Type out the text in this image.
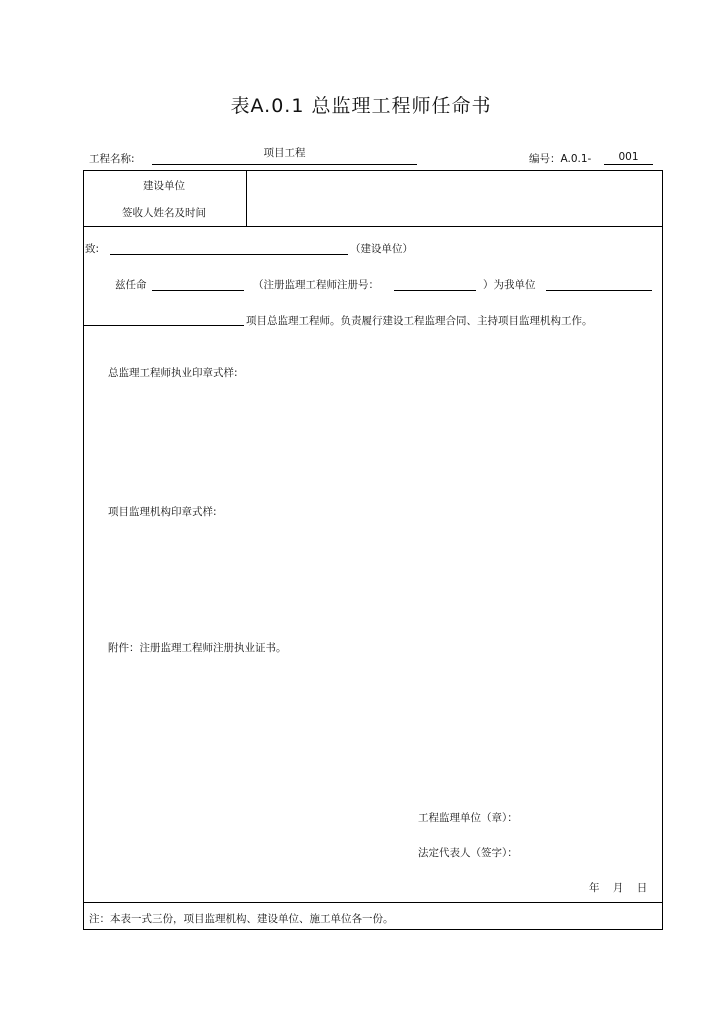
表A.0.1 总监理工程师任命书
工程名称:	项目工程	编号：A.0.1-	001
建设单位
签收人姓名及时间
致:	（建设单位）
兹任命	（注册监理工程师注册号：	）为我单位
项目总监理工程师。负责履行建设工程监理合同、主持项目监理机构工作。
总监理工程师执业印章式样:
项目监理机构印章式样:
附件：注册监理工程师注册执业证书。
工程监理单位（章）：
法定代表人（签字）：
年    月    日
注：本表一式三份，项目监理机构、建设单位、施工单位各一份。
